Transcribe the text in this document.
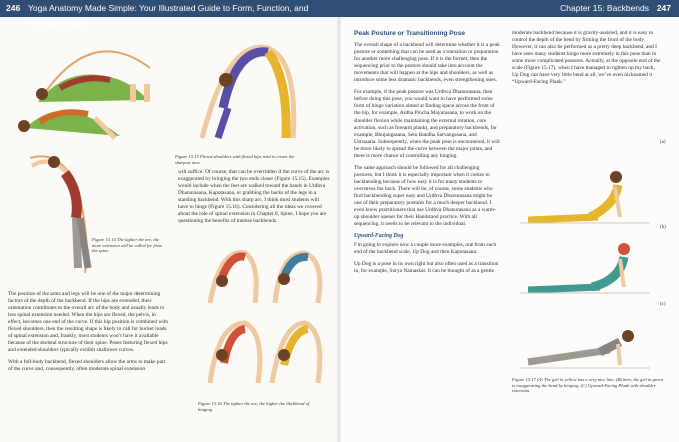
246 Yoga Anatomy Made Simple: Your Illustrated Guide to Form, Function, and Posture Groups
Chapter 15: Backbends 247
Figure 15.14 The tighter the arc, the more extension will be called for from the spine.
Figure 15.15 Flexed shoulders with flexed hips tend to create the sharpest arcs.
Figure 15.16 The tighter the arc, the higher the likelihood of hinging.

The position of the arms and legs will be one of the major determining factors of the depth of the backbend. If the hips are extended, their orientation contributes to the overall arc of the body and usually leads to less spinal extension needed. When the hips are flexed, the pelvis, in effect, becomes one end of the curve. If this hip position is combined with flexed shoulders, then the resulting shape is likely to call for bucket loads of spinal extension and, frankly, most students won’t have it available because of the skeletal structure of their spine. Poses featuring flexed hips and extended shoulders typically exhibit shallower curves.

With a full-body backbend, flexed shoulders allow the arms to make part of the curve and, consequently, often moderate spinal extension

will suffice. Of course, that can be overridden if the curve of the arc is exaggerated by bringing the two ends closer (Figure 15.15). Examples would include when the feet are walked toward the hands in Urdhva Dhanurasana, Kapotasana, or grabbing the backs of the legs in a standing backbend. With this sharp arc, I think most students will have to hinge (Figure 15.16). Considering all the ideas we covered about the role of spinal extension in Chapter 8, Spine, I hope you are questioning the benefits of intense backbends.

Peak Posture or Transitioning Pose

The overall shape of a backbend will determine whether it is a peak posture or something that can be used as a transition or preparation for another more challenging pose. If it is the former, then the sequencing prior to the posture should take into account the movements that will happen at the hips and shoulders, as well as introduce some less dramatic backbends, even strengthening ones.

For example, if the peak posture was Urdhva Dhanurasana, then before doing this pose, you would want to have performed some form of hinge variation aimed at finding space across the front of the hip, for example, Ardha Pincha Mayurasana, to work on the shoulder flexion while maintaining the external rotation, core activation, such as forearm plank), and preparatory backbends, for example, Bhujangasana, Setu Bandha Sarvangasana, and Ustrasana. Subsequently, when the peak pose is encountered, it will be more likely to spread the curve between the major joints, and there is more chance of controlling any hinging.

The same approach should be followed for all challenging postures, but I think it is especially important when it comes to backbending because of how easy it is for many students to overstress the back. There will be, of course, some students who find backbending super easy and Urdhva Dhanurasana might be one of their preparatory postures for a much deeper backbend. I even know practitioners that use Urdhva Dhanurasana as a warm-up shoulder opener for their Handstand practice. With all sequencing, it needs to be relevant to the individual.

Upward-Facing Dog

I’m going to explore now a couple more examples, one from each end of the backbend scale, Up Dog and then Kapotasana.

Up Dog is a pose in its own right but also often used as a transition in, for example, Surya Namaskar. It can be thought of as a gentle

moderate backbend because it is gravity-assisted, and it is easy to control the depth of the bend by firming the front of the body. However, it can also be performed as a pretty deep backbend, and I have seen many students hinge more extremely in this pose than in some more complicated postures. Actually, at the opposite end of the scale (Figure 15.17), when I have managed to tighten up my back, Up Dog can have very little bend at all, we’ve even nicknamed it “Upward-Facing Plank.”

(a)
(b)
(c)
Figure 15.17 (A) The girl in yellow has a very nice line; (B) here, the girl in green is exaggerating the bend by hinging; (C) Upward-Facing Plank with shoulder extension.
